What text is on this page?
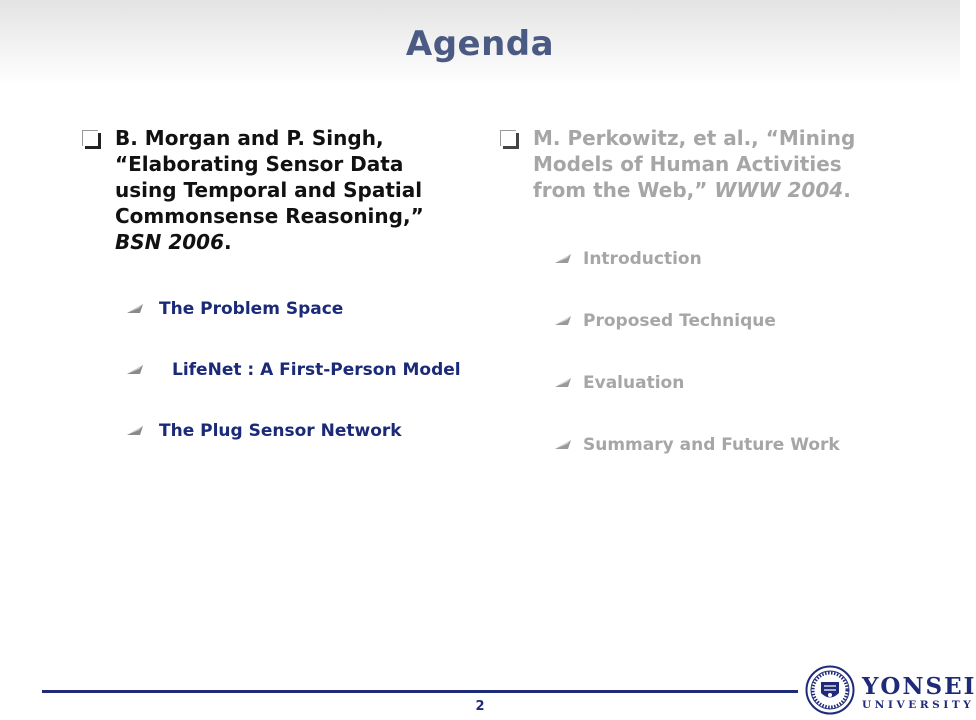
Agenda
B. Morgan and P. Singh, “Elaborating Sensor Data using Temporal and Spatial Commonsense Reasoning,” BSN 2006.
The Problem Space
LifeNet : A First-Person Model
The Plug Sensor Network
M. Perkowitz, et al., “Mining Models of Human Activities from the Web,” WWW 2004.
Introduction
Proposed Technique
Evaluation
Summary and Future Work
2
YONSEI
UNIVERSITY
